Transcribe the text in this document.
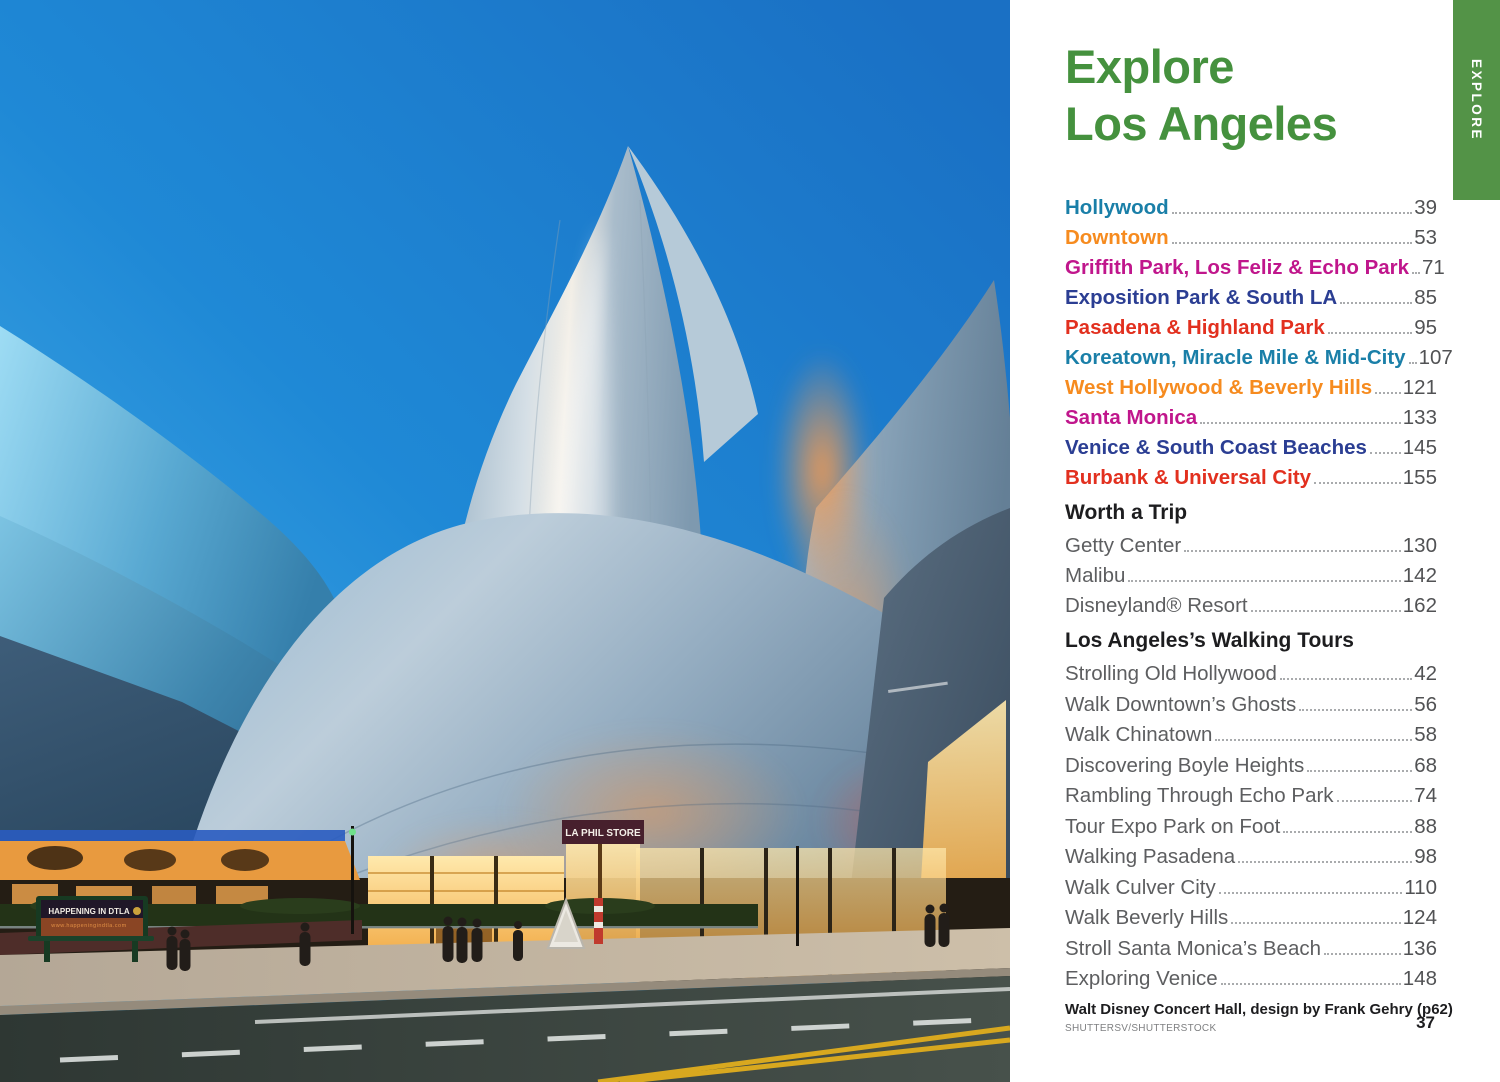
LA PHIL STORE
HAPPENING IN DTLA
www.happeningindtla.com
EXPLORE
Explore
Los Angeles
Hollywood	39
Downtown	53
Griffith Park, Los Feliz & Echo Park 71
Exposition Park & South LA	85
Pasadena & Highland Park	95
Koreatown, Miracle Mile & Mid-City 107
West Hollywood & Beverly Hills 121
Santa Monica	133
Venice & South Coast Beaches 145
Burbank & Universal City	155
Worth a Trip
Getty Center	130
Malibu	142
Disneyland® Resort	162
Los Angeles’s Walking Tours
Strolling Old Hollywood	42
Walk Downtown’s Ghosts	56
Walk Chinatown	58
Discovering Boyle Heights	68
Rambling Through Echo Park	74
Tour Expo Park on Foot	88
Walking Pasadena	98
Walk Culver City	110
Walk Beverly Hills	124
Stroll Santa Monica’s Beach	136
Exploring Venice	148
Walt Disney Concert Hall, design by Frank Gehry (p62)
SHUTTERSV/SHUTTERSTOCK	37
